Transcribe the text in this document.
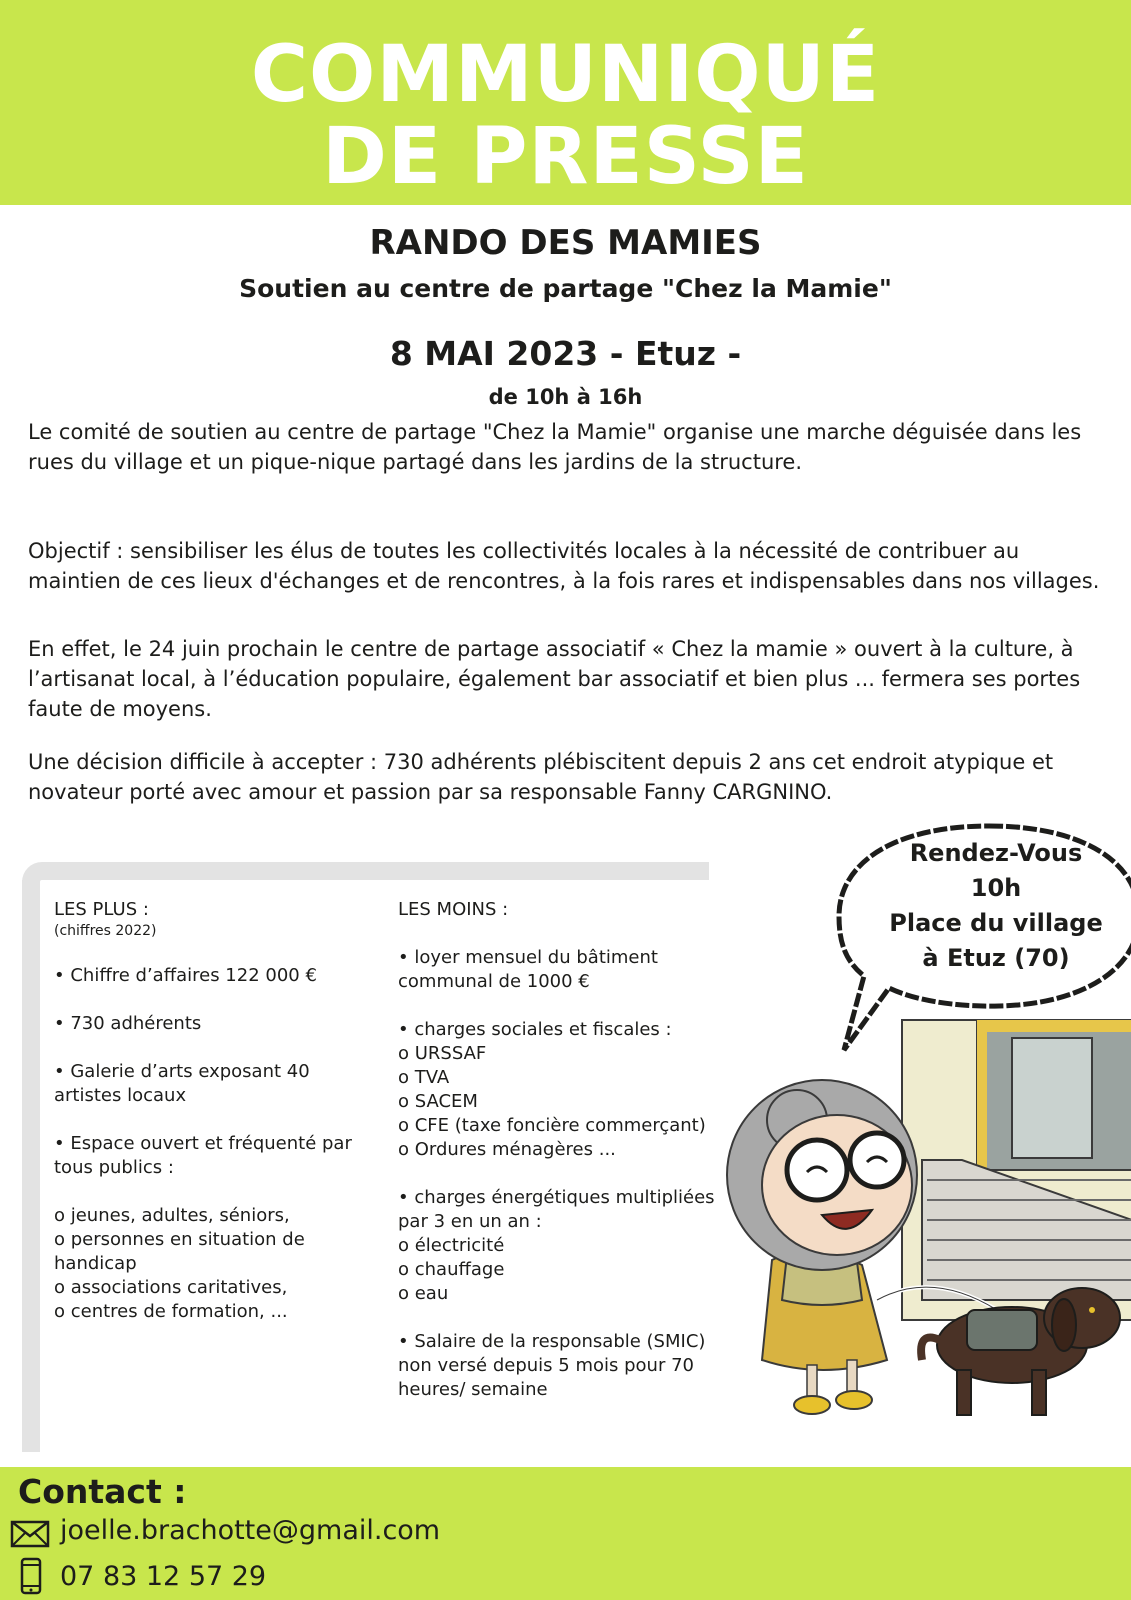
COMMUNIQUÉ
DE PRESSE

RANDO DES MAMIES

Soutien au centre de partage "Chez la Mamie"

8 MAI 2023 - Etuz -

de 10h à 16h

Le comité de soutien au centre de partage "Chez la Mamie" organise une marche déguisée dans les rues du village et un pique-nique partagé dans les jardins de la structure.

Objectif : sensibiliser les élus de toutes les collectivités locales à la nécessité de contribuer au maintien de ces lieux d'échanges et de rencontres, à la fois rares et indispensables dans nos villages.

En effet, le 24 juin prochain le centre de partage associatif « Chez la mamie » ouvert à la culture, à l’artisanat local, à l’éducation populaire, également bar associatif et bien plus ... fermera ses portes faute de moyens.

Une décision difficile à accepter : 730 adhérents plébiscitent depuis 2 ans cet endroit atypique et novateur porté avec amour et passion par sa responsable Fanny CARGNINO.

LES PLUS :
(chiffres 2022)
• Chiffre d’affaires 122 000 €
• 730 adhérents
• Galerie d’arts exposant 40 artistes locaux
• Espace ouvert et fréquenté par tous publics :
o jeunes, adultes, séniors,
o personnes en situation de handicap
o associations caritatives,
o centres de formation, ...
LES MOINS :
• loyer mensuel du bâtiment communal de 1000 €
• charges sociales et fiscales :
o URSSAF
o TVA
o SACEM
o CFE (taxe foncière commerçant)
o Ordures ménagères ...
• charges énergétiques multipliées par 3 en un an :
o électricité
o chauffage
o eau
• Salaire de la responsable (SMIC) non versé depuis 5 mois pour 70 heures/ semaine

Rendez-Vous
10h
Place du village
à Etuz (70)

Contact :

joelle.brachotte@gmail.com
07 83 12 57 29
